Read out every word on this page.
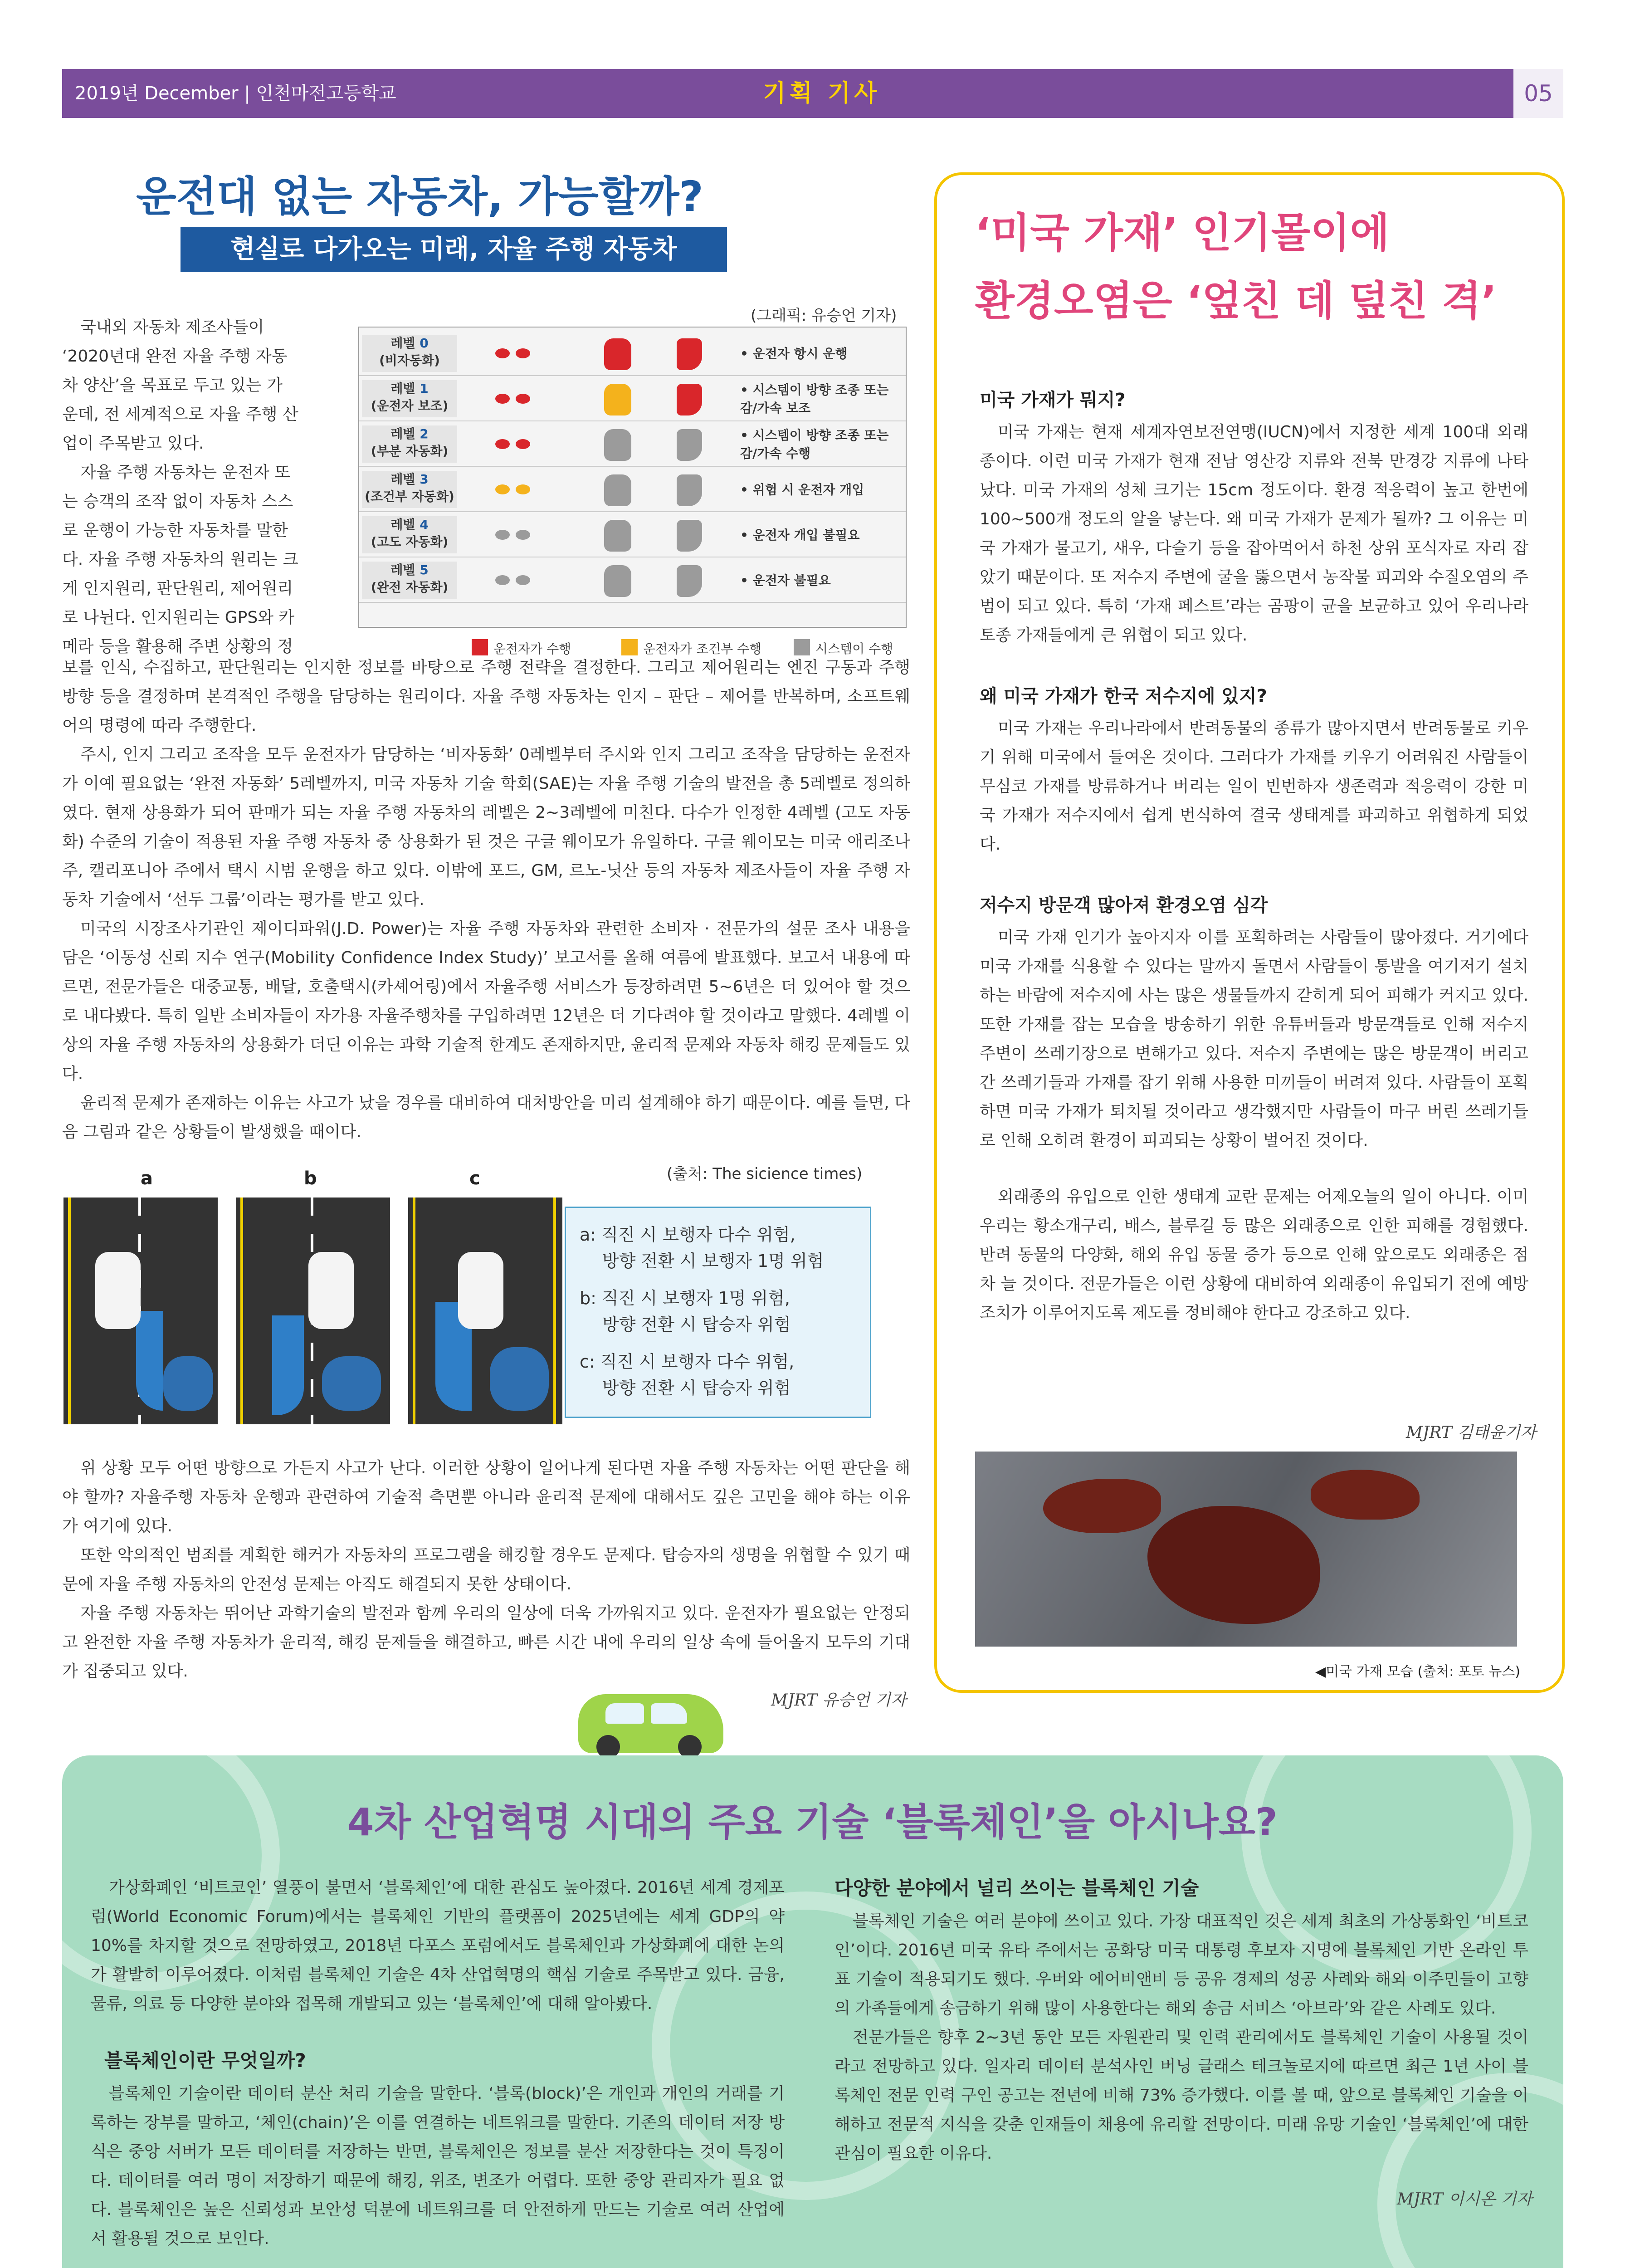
2019년 December | 인천마전고등학교	기획 기사	05
운전대 없는 자동차, 가능할까?
현실로 다가오는 미래, 자율 주행 자동차
(그래픽: 유승언 기자)
국내외 자동차 제조사들이
‘2020년대 완전 자율 주행 자동
차 양산’을 목표로 두고 있는 가
운데, 전 세계적으로 자율 주행 산
업이 주목받고 있다.
자율 주행 자동차는 운전자 또
는 승객의 조작 없이 자동차 스스
로 운행이 가능한 자동차를 말한
다. 자율 주행 자동차의 원리는 크
게 인지원리, 판단원리, 제어원리
로 나뉜다. 인지원리는 GPS와 카
메라 등을 활용해 주변 상황의 정
레벨 0
(비자동화)	• 운전자 항시 운행
레벨 1
(운전자 보조)
• 시스템이 방향 조종 또는 감/가속 보조
레벨 2
(부분 자동화)
• 시스템이 방향 조종 또는 감/가속 수행
레벨 3
(조건부 자동화)	• 위험 시 운전자 개입
레벨 4
(고도 자동화)	• 운전자 개입 불필요
레벨 5
(완전 자동화)	• 운전자 불필요
운전자가 수행	운전자가 조건부 수행	시스템이 수행
보를 인식, 수집하고, 판단원리는 인지한 정보를 바탕으로 주행 전략을 결정한다. 그리고 제어원리는 엔진 구동과 주행 방향 등을 결정하며 본격적인 주행을 담당하는 원리이다. 자율 주행 자동차는 인지 – 판단 – 제어를 반복하며, 소프트웨어의 명령에 따라 주행한다.
주시, 인지 그리고 조작을 모두 운전자가 담당하는 ‘비자동화’ 0레벨부터 주시와 인지 그리고 조작을 담당하는 운전자가 이예 필요없는 ‘완전 자동화’ 5레벨까지, 미국 자동차 기술 학회(SAE)는 자율 주행 기술의 발전을 총 5레벨로 정의하였다. 현재 상용화가 되어 판매가 되는 자율 주행 자동차의 레벨은 2~3레벨에 미친다. 다수가 인정한 4레벨 (고도 자동화) 수준의 기술이 적용된 자율 주행 자동차 중 상용화가 된 것은 구글 웨이모가 유일하다. 구글 웨이모는 미국 애리조나 주, 캘리포니아 주에서 택시 시범 운행을 하고 있다. 이밖에 포드, GM, 르노-닛산 등의 자동차 제조사들이 자율 주행 자동차 기술에서 ‘선두 그룹’이라는 평가를 받고 있다.
미국의 시장조사기관인 제이디파워(J.D. Power)는 자율 주행 자동차와 관련한 소비자 · 전문가의 설문 조사 내용을 담은 ‘이동성 신뢰 지수 연구(Mobility Confidence Index Study)’ 보고서를 올해 여름에 발표했다. 보고서 내용에 따르면, 전문가들은 대중교통, 배달, 호출택시(카셰어링)에서 자율주행 서비스가 등장하려면 5~6년은 더 있어야 할 것으로 내다봤다. 특히 일반 소비자들이 자가용 자율주행차를 구입하려면 12년은 더 기다려야 할 것이라고 말했다. 4레벨 이상의 자율 주행 자동차의 상용화가 더딘 이유는 과학 기술적 한계도 존재하지만, 윤리적 문제와 자동차 해킹 문제들도 있다.
윤리적 문제가 존재하는 이유는 사고가 났을 경우를 대비하여 대처방안을 미리 설계해야 하기 때문이다. 예를 들면, 다음 그림과 같은 상황들이 발생했을 때이다.
(출처: The sicience times)
a	b	c
a: 직진 시 보행자 다수 위험,
방향 전환 시 보행자 1명 위험
b: 직진 시 보행자 1명 위험,
방향 전환 시 탑승자 위험
c: 직진 시 보행자 다수 위험,
방향 전환 시 탑승자 위험
위 상황 모두 어떤 방향으로 가든지 사고가 난다. 이러한 상황이 일어나게 된다면 자율 주행 자동차는 어떤 판단을 해야 할까? 자율주행 자동차 운행과 관련하여 기술적 측면뿐 아니라 윤리적 문제에 대해서도 깊은 고민을 해야 하는 이유가 여기에 있다.
또한 악의적인 범죄를 계획한 해커가 자동차의 프로그램을 해킹할 경우도 문제다. 탑승자의 생명을 위협할 수 있기 때문에 자율 주행 자동차의 안전성 문제는 아직도 해결되지 못한 상태이다.
자율 주행 자동차는 뛰어난 과학기술의 발전과 함께 우리의 일상에 더욱 가까워지고 있다. 운전자가 필요없는 안정되고 완전한 자율 주행 자동차가 윤리적, 해킹 문제들을 해결하고, 빠른 시간 내에 우리의 일상 속에 들어올지 모두의 기대가 집중되고 있다.
MJRT 유승언 기자
‘미국 가재’ 인기몰이에
환경오염은 ‘엎친 데 덮친 격’
미국 가재가 뭐지?
미국 가재는 현재 세계자연보전연맹(IUCN)에서 지정한 세계 100대 외래종이다. 이런 미국 가재가 현재 전남 영산강 지류와 전북 만경강 지류에 나타났다. 미국 가재의 성체 크기는 15cm 정도이다. 환경 적응력이 높고 한번에 100~500개 정도의 알을 낳는다. 왜 미국 가재가 문제가 될까? 그 이유는 미국 가재가 물고기, 새우, 다슬기 등을 잡아먹어서 하천 상위 포식자로 자리 잡았기 때문이다. 또 저수지 주변에 굴을 뚫으면서 농작물 피괴와 수질오염의 주범이 되고 있다. 특히 ‘가재 페스트’라는 곰팡이 균을 보균하고 있어 우리나라 토종 가재들에게 큰 위협이 되고 있다.
왜 미국 가재가 한국 저수지에 있지?
미국 가재는 우리나라에서 반려동물의 종류가 많아지면서 반려동물로 키우기 위해 미국에서 들여온 것이다. 그러다가 가재를 키우기 어려워진 사람들이 무심코 가재를 방류하거나 버리는 일이 빈번하자 생존력과 적응력이 강한 미국 가재가 저수지에서 쉽게 번식하여 결국 생태계를 파괴하고 위협하게 되었다.
저수지 방문객 많아져 환경오염 심각
미국 가재 인기가 높아지자 이를 포획하려는 사람들이 많아졌다. 거기에다 미국 가재를 식용할 수 있다는 말까지 돌면서 사람들이 통발을 여기저기 설치하는 바람에 저수지에 사는 많은 생물들까지 갇히게 되어 피해가 커지고 있다. 또한 가재를 잡는 모습을 방송하기 위한 유튜버들과 방문객들로 인해 저수지 주변이 쓰레기장으로 변해가고 있다. 저수지 주변에는 많은 방문객이 버리고 간 쓰레기들과 가재를 잡기 위해 사용한 미끼들이 버려져 있다. 사람들이 포획하면 미국 가재가 퇴치될 것이라고 생각했지만 사람들이 마구 버린 쓰레기들로 인해 오히려 환경이 피괴되는 상황이 벌어진 것이다.
외래종의 유입으로 인한 생태계 교란 문제는 어제오늘의 일이 아니다. 이미 우리는 황소개구리, 배스, 블루길 등 많은 외래종으로 인한 피해를 경험했다. 반려 동물의 다양화, 해외 유입 동물 증가 등으로 인해 앞으로도 외래종은 점차 늘 것이다. 전문가들은 이런 상황에 대비하여 외래종이 유입되기 전에 예방 조치가 이루어지도록 제도를 정비해야 한다고 강조하고 있다.
MJRT 김태윤기자
◀미국 가재 모습 (출처: 포토 뉴스)
4차 산업혁명 시대의 주요 기술 ‘블록체인’을 아시나요?
가상화폐인 ‘비트코인’ 열풍이 불면서 ‘블록체인’에 대한 관심도 높아졌다. 2016년 세계 경제포럼(World Economic Forum)에서는 블록체인 기반의 플랫폼이 2025년에는 세계 GDP의 약 10%를 차지할 것으로 전망하였고, 2018년 다포스 포럼에서도 블록체인과 가상화폐에 대한 논의가 활발히 이루어졌다. 이처럼 블록체인 기술은 4차 산업혁명의 핵심 기술로 주목받고 있다. 금융, 물류, 의료 등 다양한 분야와 접목해 개발되고 있는 ‘블록체인’에 대해 알아봤다.
블록체인이란 무엇일까?
블록체인 기술이란 데이터 분산 처리 기술을 말한다. ‘블록(block)’은 개인과 개인의 거래를 기록하는 장부를 말하고, ‘체인(chain)’은 이를 연결하는 네트워크를 말한다. 기존의 데이터 저장 방식은 중앙 서버가 모든 데이터를 저장하는 반면, 블록체인은 정보를 분산 저장한다는 것이 특징이다. 데이터를 여러 명이 저장하기 때문에 해킹, 위조, 변조가 어렵다. 또한 중앙 관리자가 필요 없다. 블록체인은 높은 신뢰성과 보안성 덕분에 네트워크를 더 안전하게 만드는 기술로 여러 산업에서 활용될 것으로 보인다.
다양한 분야에서 널리 쓰이는 블록체인 기술
블록체인 기술은 여러 분야에 쓰이고 있다. 가장 대표적인 것은 세계 최초의 가상통화인 ‘비트코인’이다. 2016년 미국 유타 주에서는 공화당 미국 대통령 후보자 지명에 블록체인 기반 온라인 투표 기술이 적용되기도 했다. 우버와 에어비앤비 등 공유 경제의 성공 사례와 해외 이주민들이 고향의 가족들에게 송금하기 위해 많이 사용한다는 해외 송금 서비스 ‘아브라’와 같은 사례도 있다.
전문가들은 향후 2~3년 동안 모든 자원관리 및 인력 관리에서도 블록체인 기술이 사용될 것이라고 전망하고 있다. 일자리 데이터 분석사인 버닝 글래스 테크놀로지에 따르면 최근 1년 사이 블록체인 전문 인력 구인 공고는 전년에 비해 73% 증가했다. 이를 볼 때, 앞으로 블록체인 기술을 이해하고 전문적 지식을 갖춘 인재들이 채용에 유리할 전망이다. 미래 유망 기술인 ‘블록체인’에 대한 관심이 필요한 이유다.
MJRT 이시온 기자
